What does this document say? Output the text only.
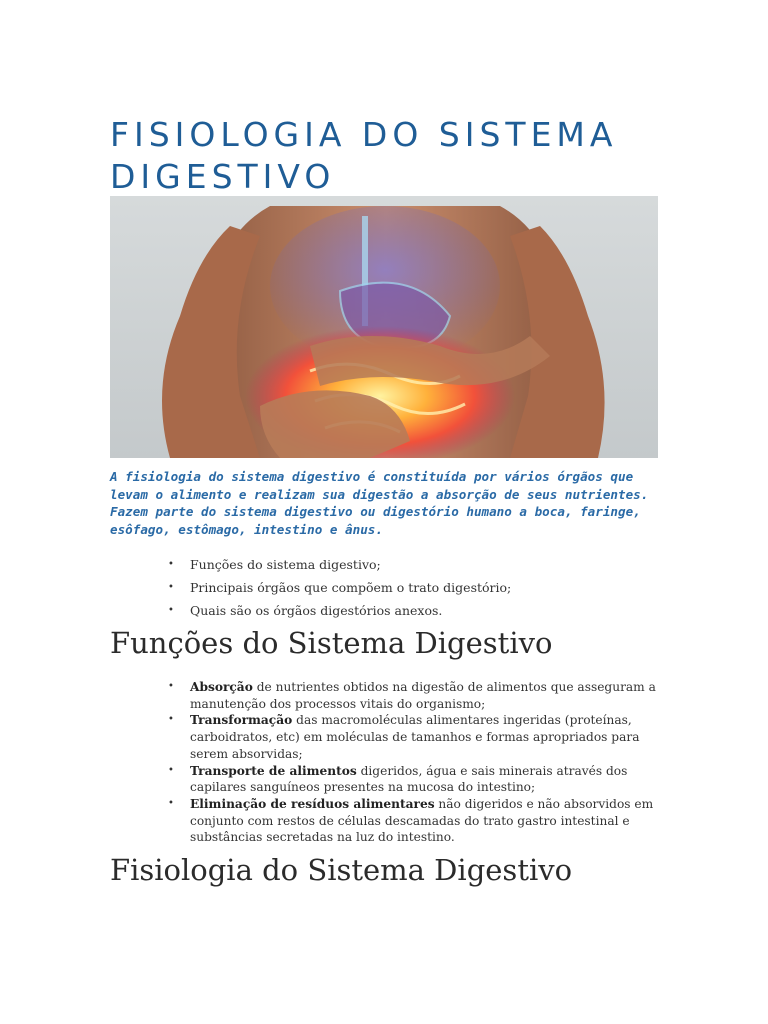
FISIOLOGIA DO SISTEMA DIGESTIVO

A fisiologia do sistema digestivo é constituída por vários órgãos que levam o alimento e realizam sua digestão a absorção de seus nutrientes. Fazem parte do sistema digestivo ou digestório humano a boca, faringe, esôfago, estômago, intestino e ânus.

• Funções do sistema digestivo;
• Principais órgãos que compõem o trato digestório;
• Quais são os órgãos digestórios anexos.
Funções do Sistema Digestivo
• Absorção de nutrientes obtidos na digestão de alimentos que asseguram a manutenção dos processos vitais do organismo;
• Transformação das macromoléculas alimentares ingeridas (proteínas, carboidratos, etc) em moléculas de tamanhos e formas apropriados para serem absorvidas;
• Transporte de alimentos digeridos, água e sais minerais através dos capilares sanguíneos presentes na mucosa do intestino;
• Eliminação de resíduos alimentares não digeridos e não absorvidos em conjunto com restos de células descamadas do trato gastro intestinal e substâncias secretadas na luz do intestino.
Fisiologia do Sistema Digestivo
